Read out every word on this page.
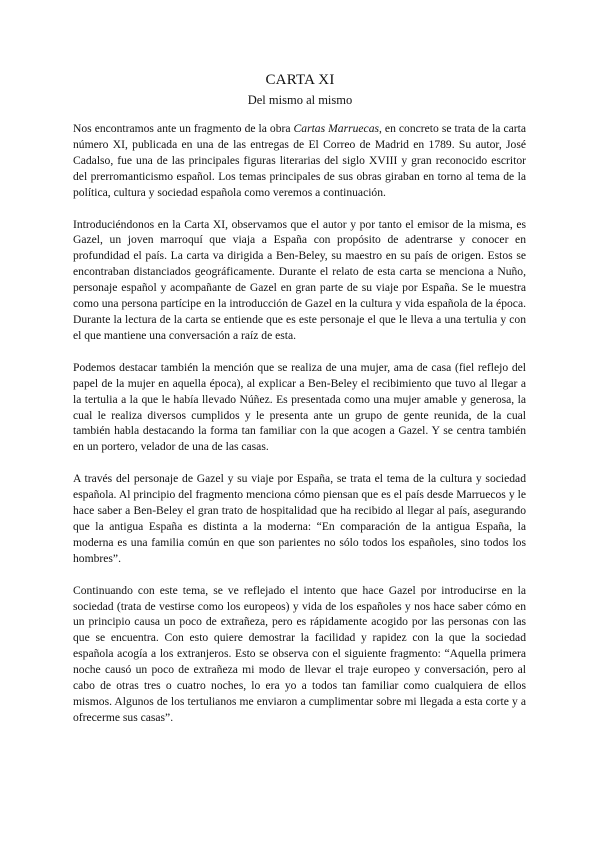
CARTA XI
Del mismo al mismo

Nos encontramos ante un fragmento de la obra Cartas Marruecas, en concreto se trata de la carta número XI, publicada en una de las entregas de El Correo de Madrid en 1789. Su autor, José Cadalso, fue una de las principales figuras literarias del siglo XVIII y gran reconocido escritor del prerromanticismo español. Los temas principales de sus obras giraban en torno al tema de la política, cultura y sociedad española como veremos a continuación.

Introduciéndonos en la Carta XI, observamos que el autor y por tanto el emisor de la misma, es Gazel, un joven marroquí que viaja a España con propósito de adentrarse y conocer en profundidad el país. La carta va dirigida a Ben-Beley, su maestro en su país de origen. Estos se encontraban distanciados geográficamente. Durante el relato de esta carta se menciona a Nuño, personaje español y acompañante de Gazel en gran parte de su viaje por España. Se le muestra como una persona partícipe en la introducción de Gazel en la cultura y vida española de la época. Durante la lectura de la carta se entiende que es este personaje el que le lleva a una tertulia y con el que mantiene una conversación a raíz de esta.

Podemos destacar también la mención que se realiza de una mujer, ama de casa (fiel reflejo del papel de la mujer en aquella época), al explicar a Ben-Beley el recibimiento que tuvo al llegar a la tertulia a la que le había llevado Núñez. Es presentada como una mujer amable y generosa, la cual le realiza diversos cumplidos y le presenta ante un grupo de gente reunida, de la cual también habla destacando la forma tan familiar con la que acogen a Gazel. Y se centra también en un portero, velador de una de las casas.

A través del personaje de Gazel y su viaje por España, se trata el tema de la cultura y sociedad española. Al principio del fragmento menciona cómo piensan que es el país desde Marruecos y le hace saber a Ben-Beley el gran trato de hospitalidad que ha recibido al llegar al país, asegurando que la antigua España es distinta a la moderna: “En comparación de la antigua España, la moderna es una familia común en que son parientes no sólo todos los españoles, sino todos los hombres”.

Continuando con este tema, se ve reflejado el intento que hace Gazel por introducirse en la sociedad (trata de vestirse como los europeos) y vida de los españoles y nos hace saber cómo en un principio causa un poco de extrañeza, pero es rápidamente acogido por las personas con las que se encuentra. Con esto quiere demostrar la facilidad y rapidez con la que la sociedad española acogía a los extranjeros. Esto se observa con el siguiente fragmento: “Aquella primera noche causó un poco de extrañeza mi modo de llevar el traje europeo y conversación, pero al cabo de otras tres o cuatro noches, lo era yo a todos tan familiar como cualquiera de ellos mismos. Algunos de los tertulianos me enviaron a cumplimentar sobre mi llegada a esta corte y a ofrecerme sus casas”.
